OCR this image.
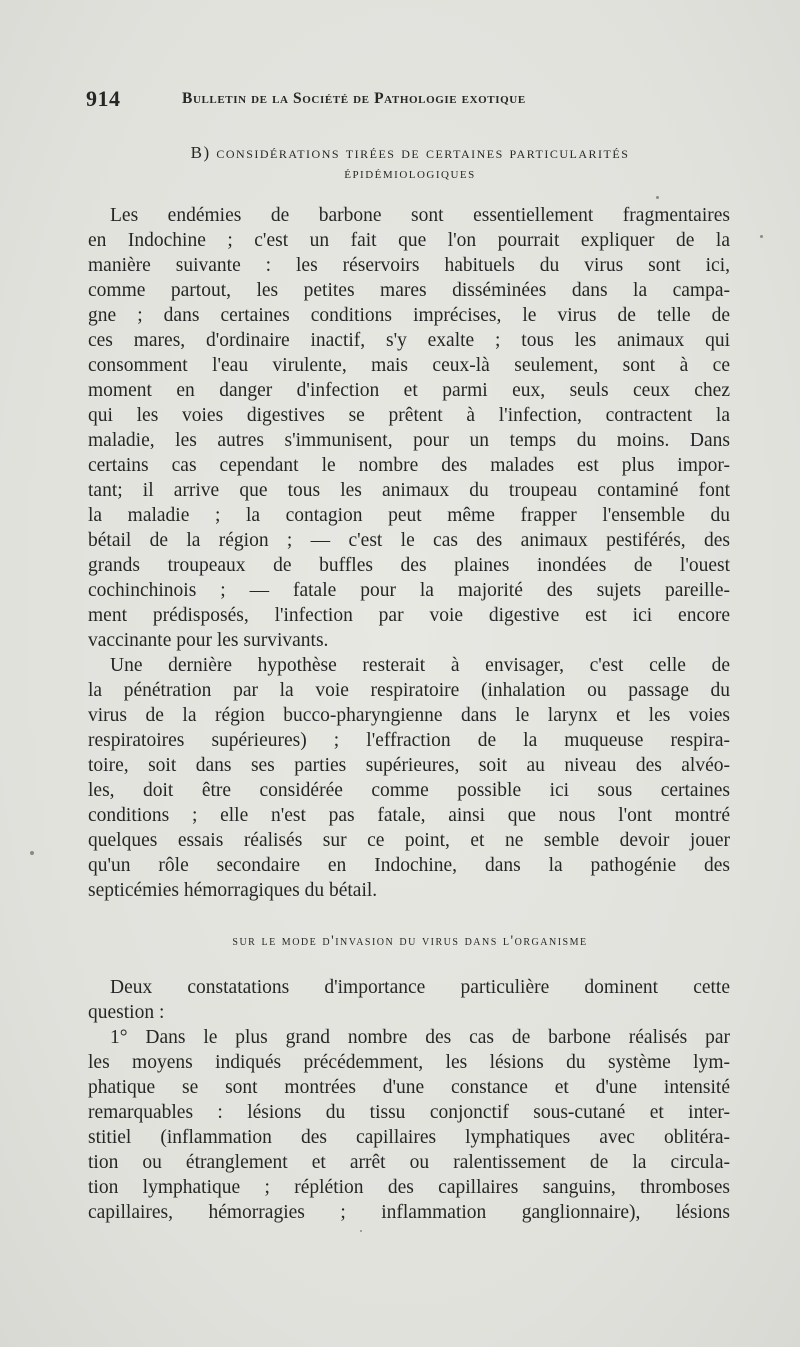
914	Bulletin de la Société de Pathologie exotique
B) considérations tirées de certaines particularités
épidémiologiques
Les endémies de barbone sont essentiellement fragmentaires
en Indochine ; c'est un fait que l'on pourrait expliquer de la
manière suivante : les réservoirs habituels du virus sont ici,
comme partout, les petites mares disséminées dans la campa-
gne ; dans certaines conditions imprécises, le virus de telle de
ces mares, d'ordinaire inactif, s'y exalte ; tous les animaux qui
consomment l'eau virulente, mais ceux-là seulement, sont à ce
moment en danger d'infection et parmi eux, seuls ceux chez
qui les voies digestives se prêtent à l'infection, contractent la
maladie, les autres s'immunisent, pour un temps du moins. Dans
certains cas cependant le nombre des malades est plus impor-
tant; il arrive que tous les animaux du troupeau contaminé font
la maladie ; la contagion peut même frapper l'ensemble du
bétail de la région ; — c'est le cas des animaux pestiférés, des
grands troupeaux de buffles des plaines inondées de l'ouest
cochinchinois ; — fatale pour la majorité des sujets pareille-
ment prédisposés, l'infection par voie digestive est ici encore
vaccinante pour les survivants.
Une dernière hypothèse resterait à envisager, c'est celle de
la pénétration par la voie respiratoire (inhalation ou passage du
virus de la région bucco-pharyngienne dans le larynx et les voies
respiratoires supérieures) ; l'effraction de la muqueuse respira-
toire, soit dans ses parties supérieures, soit au niveau des alvéo-
les, doit être considérée comme possible ici sous certaines
conditions ; elle n'est pas fatale, ainsi que nous l'ont montré
quelques essais réalisés sur ce point, et ne semble devoir jouer
qu'un rôle secondaire en Indochine, dans la pathogénie des
septicémies hémorragiques du bétail.
sur le mode d'invasion du virus dans l'organisme
Deux constatations d'importance particulière dominent cette
question :
1° Dans le plus grand nombre des cas de barbone réalisés par
les moyens indiqués précédemment, les lésions du système lym-
phatique se sont montrées d'une constance et d'une intensité
remarquables : lésions du tissu conjonctif sous-cutané et inter-
stitiel (inflammation des capillaires lymphatiques avec oblitéra-
tion ou étranglement et arrêt ou ralentissement de la circula-
tion lymphatique ; réplétion des capillaires sanguins, thromboses
capillaires, hémorragies ; inflammation ganglionnaire), lésions
